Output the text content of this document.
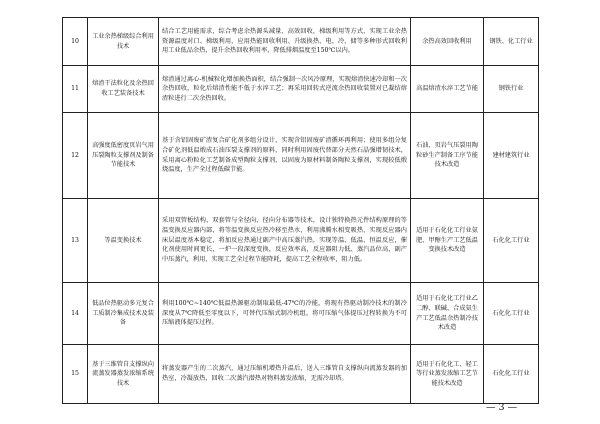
10	工业余热梯级综合利用技术	结合工艺用能需求，综合考虑余热源头减量、高效回收，梯级利用等方式，实现工业余热资源温度对口、梯级利用，应用热能回收利用、升级换热、电、冷、储等多种形式回收利用工业低品余热，提升余热回收利用率，降低排烟温度至150℃以内。	余热高效回收利用	钢铁、化工行业
11	熔渣干法粒化及余热回收工艺装备技术	熔渣通过离心-机械粒化增加换热面积，结合强制一次风冷原理，实现熔渣快速冷却和一次余热回收，粒化后熔渣性能不低于水淬工艺；再采用回转式逆流余热回收装置对已凝结熔渣粒进行二次余热回收。	高温熔渣水淬工艺节能	钢铁行业
12	高强度低密度页岩气用压裂陶粒支撑剂及制备节能技术	基于含铝固废矿渣复合矿化剂多组分设计，实现含铝固废矿渣循环再利用；使用多组分复合矿化剂低温煅成石油压裂支撑剂的原料，同时利用固废代替部分天然石晶强增韧技术，采用离心粉粒化工艺制备成型陶粒支撑剂，以固废为原材料制备陶粒支撑剂，实现较低煅烧温度，生产全过程低碳节能。	石油、页岩气压裂用陶粒砂生产制备工序节能技术改造	建材建筑行业
13	等温变换技术	采用双管板结构、双套管与全径向、径向分布器等技术，设计独特换热元件结构原理的等温变换反应器内部，将等温变换反应热冷移至热水，利用沸腾水相变吸热，实现反应器内床层温度基本稳定，将加反应热通过副产中高压蒸汽热，实现等温、低温、恒温反应，催化剂使用时间更长，一炉一段深度变换，反应效率高，反应器阻力低、蒸汽品位高，副产中压蒸汽，利用，实现工艺全过程节能降耗，提高工艺全程收率，阻力低。	适用于石化化工行业氨肥、甲醇生产工艺低温变换技术改造	石化化工行业
14	低品位热驱动多元复合工质制冷集成技术及装备	利用100℃~140℃低温热源驱动制取最低-47℃的冷能，将现有热驱动制冷技术的制冷深度从7℃降低至零度以下，可替代压缩式制冷机组，将可压缩气体提压过程转换为不可压缩液体提压过程。	适用于石化化工行业乙二醇、联碱、合成氨生产工艺低温余热制冷技术改造	石化化工行业
15	基于三维管自支撑纵向流蒸发器蒸发浓缩系统技术	将蒸发器产生的二次蒸汽，通过压缩机增热升温后，送入三维管自支撑纵向流蒸发器的加热室，冷凝放热，回收二次蒸汽潜热对物料蒸发浓缩，无需冷却塔。	适用于石化化工、轻工等行业蒸发浓缩工艺节能技术改造	石化化工行业
— 3 —
